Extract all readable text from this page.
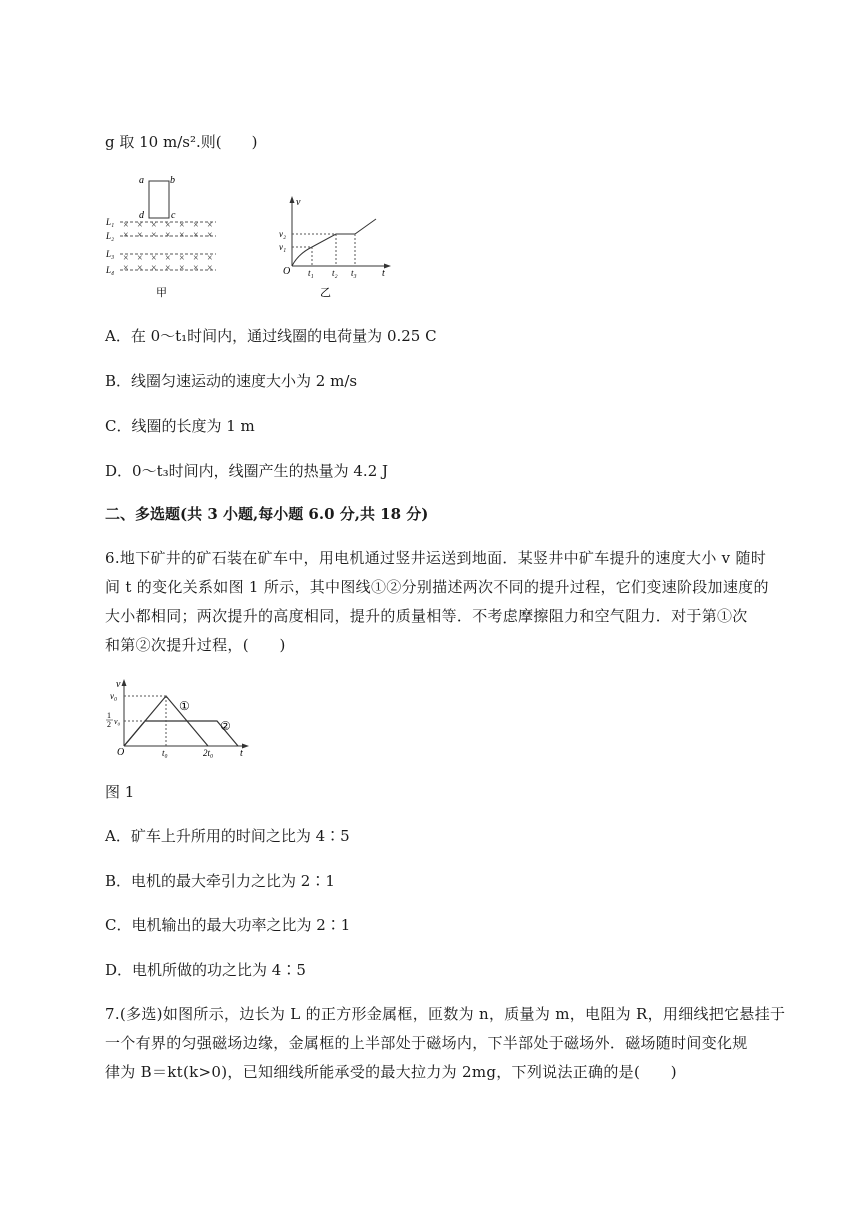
g 取 10 m/s².则(　　)
a	b
d	c
L₁
L₂
× × × × × × ×
× × × × × × ×
L₃
L₄
× × × × × × ×
× × × × × × ×
甲
v
t
O
v₁
v₂
t₁ t₂ t₃
乙
A．在 0～t₁时间内，通过线圈的电荷量为 0.25 C
B．线圈匀速运动的速度大小为 2 m/s
C．线圈的长度为 1 m
D．0～t₃时间内，线圈产生的热量为 4.2 J
二、多选题(共 3 小题,每小题 6.0 分,共 18 分)
6.地下矿井的矿石装在矿车中，用电机通过竖井运送到地面．某竖井中矿车提升的速度大小 v 随时
间 t 的变化关系如图 1 所示，其中图线①②分别描述两次不同的提升过程，它们变速阶段加速度的
大小都相同；两次提升的高度相同，提升的质量相等．不考虑摩擦阻力和空气阻力．对于第①次
和第②次提升过程，(　　)
v
t
O
v₀
1
2 v₀
t₀	2t₀
①
②
图 1
A．矿车上升所用的时间之比为 4∶5
B．电机的最大牵引力之比为 2∶1
C．电机输出的最大功率之比为 2∶1
D．电机所做的功之比为 4∶5
7.(多选)如图所示，边长为 L 的正方形金属框，匝数为 n，质量为 m，电阻为 R，用细线把它悬挂于
一个有界的匀强磁场边缘，金属框的上半部处于磁场内，下半部处于磁场外．磁场随时间变化规
律为 B＝kt(k>0)，已知细线所能承受的最大拉力为 2mg，下列说法正确的是(　　)
